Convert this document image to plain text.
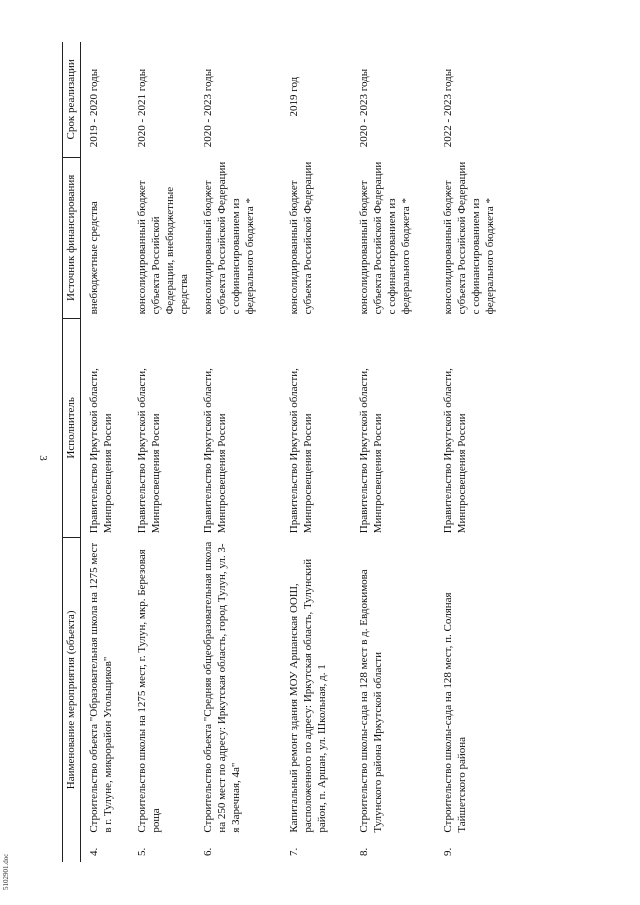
3
5102901.doc
Наименование мероприятия (объекта)		Исполнитель	Источник финансирования	Срок реализации
4.	Строительство объекта "Образовательная школа на 1275 мест в г. Тулуне, микрорайон Угольщиков"	Правительство Иркутской области, Минпросвещения России	внебюджетные средства	2019 - 2020 годы
5.	Строительство школы на 1275 мест, г. Тулун, мкр. Березовая роща	Правительство Иркутской области, Минпросвещения России	консолидированный бюджет субъекта Российской Федерации, внебюджетные средства	2020 - 2021 годы
6.	Строительство объекта "Средняя общеобразовательная школа на 250 мест по адресу: Иркутская область, город Тулун, ул. 3-я Заречная, 4а"	Правительство Иркутской области, Минпросвещения России	консолидированный бюджет субъекта Российской Федерации с софинансированием из федерального бюджета *	2020 - 2023 годы
7.	Капитальный ремонт здания МОУ Аршанская ООШ, расположенного по адресу: Иркутская область, Тулунский район, п. Аршан, ул. Школьная, д. 1	Правительство Иркутской области, Минпросвещения России	консолидированный бюджет субъекта Российской Федерации	2019 год
8.	Строительство школы-сада на 128 мест в д. Евдокимова Тулунского района Иркутской области	Правительство Иркутской области, Минпросвещения России	консолидированный бюджет субъекта Российской Федерации с софинансированием из федерального бюджета *	2020 - 2023 годы
9.	Строительство школы-сада на 128 мест, п. Соляная Тайшетского района	Правительство Иркутской области, Минпросвещения России	консолидированный бюджет субъекта Российской Федерации с софинансированием из федерального бюджета *	2022 - 2023 годы
